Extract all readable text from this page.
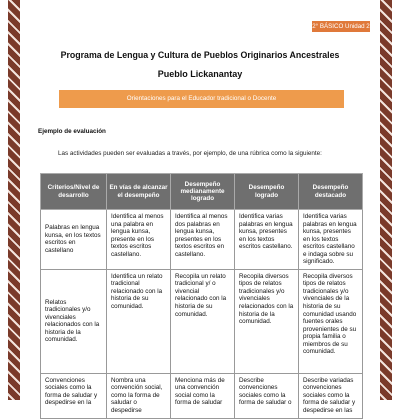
2° BÁSICO Unidad 2
Programa de Lengua y Cultura de Pueblos Originarios Ancestrales
Pueblo Lickanantay
Orientaciones para el Educador tradicional o Docente
Ejemplo de evaluación
Las actividades pueden ser evaluadas a través, por ejemplo, de una rúbrica como la siguiente:
Criterios/Nivel de desarrollo	En vías de alcanzar el desempeño	Desempeño medianamente logrado	Desempeño logrado	Desempeño destacado
Palabras en lengua kunsa, en los textos escritos en castellano	Identifica al menos una palabra en lengua kunsa, presente en los textos escritos castellano.	Identifica al menos dos palabras en lengua kunsa, presentes en los textos escritos en castellano.	Identifica varias palabras en lengua kunsa, presentes en los textos escritos castellano.	Identifica varias palabras en lengua kunsa, presentes en los textos escritos castellano e indaga sobre su significado.
Relatos tradicionales y/o vivenciales relacionados con la historia de la comunidad.	Identifica un relato tradicional relacionado con la historia de su comunidad.	Recopila un relato tradicional y/ o vivencial relacionado con la historia de su comunidad.	Recopila diversos tipos de relatos tradicionales y/o vivenciales relacionados con la historia de la comunidad.	Recopila diversos tipos de relatos tradicionales y/o vivenciales de la historia de su comunidad usando fuentes orales provenientes de su propia familia o miembros de su comunidad.
Convenciones sociales como la forma de saludar y despedirse en la	Nombra una convención social, como la forma de saludar o despedirse	Menciona más de una convención social como la forma de saludar	Describe convenciones sociales como la forma de saludar o	Describe variadas convenciones sociales como la forma de saludar y despedirse en las
